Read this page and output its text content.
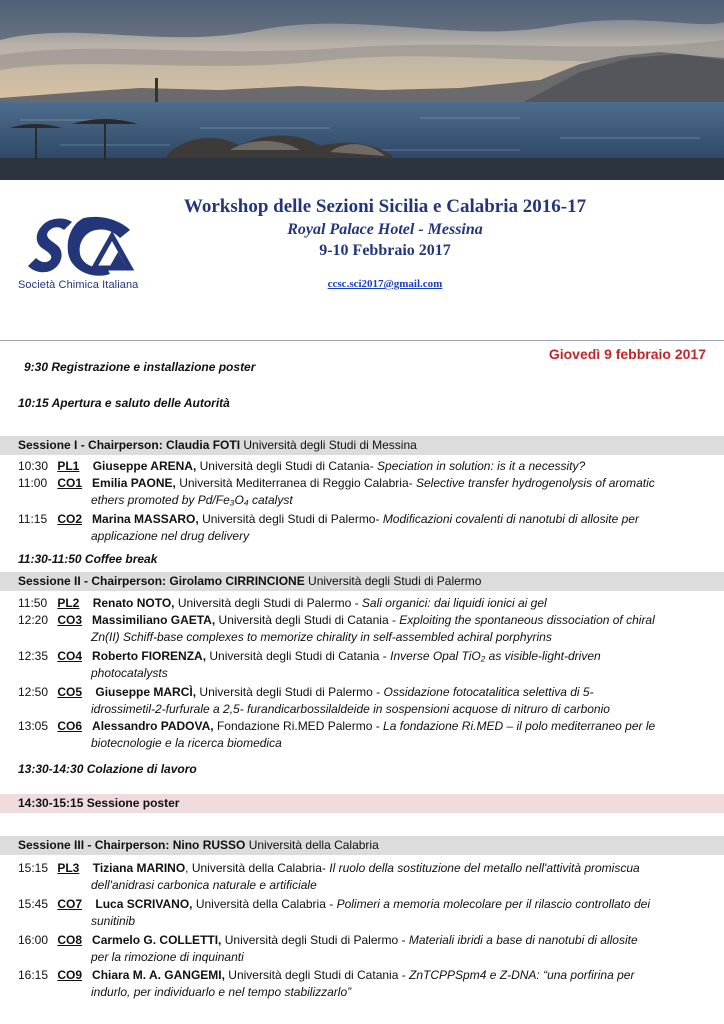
Società Chimica Italiana
Workshop delle Sezioni Sicilia e Calabria 2016-17
Royal Palace Hotel - Messina
9-10 Febbraio 2017
ccsc.sci2017@gmail.com
Giovedì 9 febbraio 2017
9:30 Registrazione e installazione poster
10:15 Apertura e saluto delle Autorità
Sessione I - Chairperson: Claudia FOTI Università degli Studi di Messina
10:30 PL1 Giuseppe ARENA, Università degli Studi di Catania- Speciation in solution: is it a necessity?
11:00 CO1 Emilia PAONE, Università Mediterranea di Reggio Calabria- Selective transfer hydrogenolysis of aromatic
ethers promoted by Pd/Fe₃O₄ catalyst
11:15 CO2 Marina MASSARO, Università degli Studi di Palermo- Modificazioni covalenti di nanotubi di allosite per
applicazione nel drug delivery
11:30-11:50 Coffee break
Sessione II - Chairperson: Girolamo CIRRINCIONE Università degli Studi di Palermo
11:50 PL2 Renato NOTO, Università degli Studi di Palermo - Sali organici: dai liquidi ionici ai gel
12:20 CO3 Massimiliano GAETA, Università degli Studi di Catania - Exploiting the spontaneous dissociation of chiral
Zn(II) Schiff-base complexes to memorize chirality in self-assembled achiral porphyrins
12:35 CO4 Roberto FIORENZA, Università degli Studi di Catania - Inverse Opal TiO₂ as visible-light-driven
photocatalysts
12:50 CO5 Giuseppe MARCÌ, Università degli Studi di Palermo - Ossidazione fotocatalitica selettiva di 5-
idrossimetil-2-furfurale a 2,5- furandicarbossilaldeide in sospensioni acquose di nitruro di carbonio
13:05 CO6 Alessandro PADOVA, Fondazione Ri.MED Palermo - La fondazione Ri.MED – il polo mediterraneo per le
biotecnologie e la ricerca biomedica
13:30-14:30 Colazione di lavoro
14:30-15:15 Sessione poster
Sessione III - Chairperson: Nino RUSSO Università della Calabria
15:15 PL3 Tiziana MARINO, Università della Calabria- Il ruolo della sostituzione del metallo nell'attività promiscua
dell'anidrasi carbonica naturale e artificiale
15:45 CO7 Luca SCRIVANO, Università della Calabria - Polimeri a memoria molecolare per il rilascio controllato dei
sunitinib
16:00 CO8 Carmelo G. COLLETTI, Università degli Studi di Palermo - Materiali ibridi a base di nanotubi di allosite
per la rimozione di inquinanti
16:15 CO9 Chiara M. A. GANGEMI, Università degli Studi di Catania - ZnTCPPSpm4 e Z-DNA: “una porfirina per
indurlo, per individuarlo e nel tempo stabilizzarlo”
